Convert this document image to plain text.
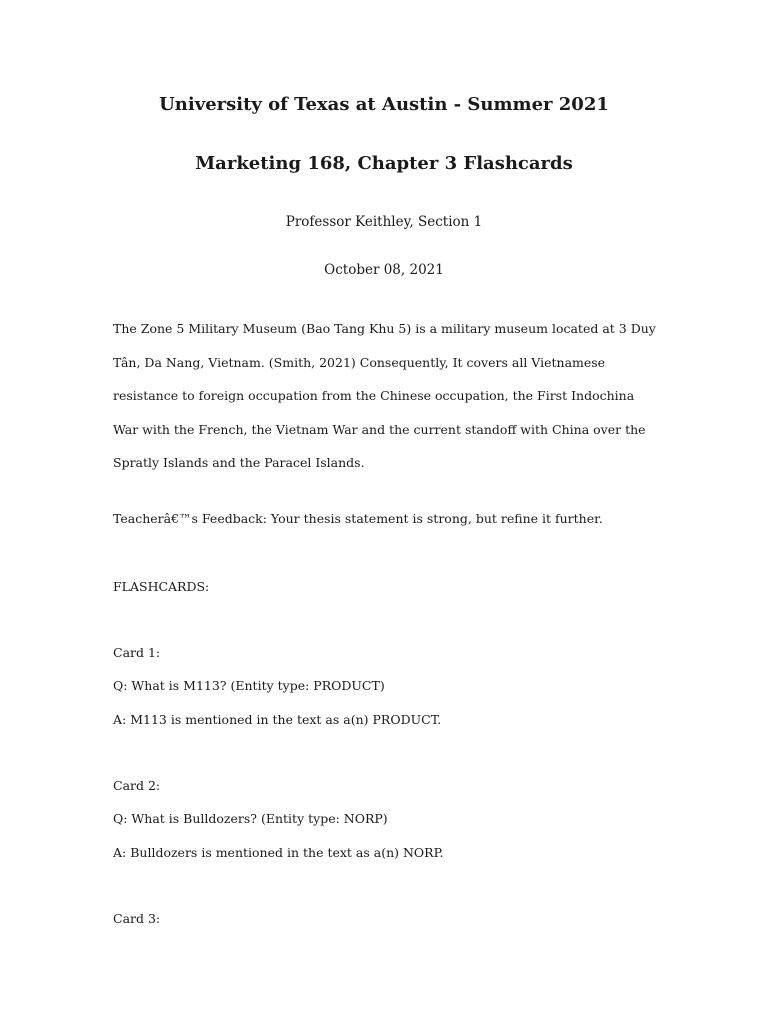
University of Texas at Austin - Summer 2021
Marketing 168, Chapter 3 Flashcards
Professor Keithley, Section 1
October 08, 2021
The Zone 5 Military Museum (Bao Tang Khu 5) is a military museum located at 3 Duy Tân, Da Nang, Vietnam. (Smith, 2021) Consequently, It covers all Vietnamese resistance to foreign occupation from the Chinese occupation, the First Indochina War with the French, the Vietnam War and the current standoff with China over the Spratly Islands and the Paracel Islands.
Teacherâ€™s Feedback: Your thesis statement is strong, but refine it further.
FLASHCARDS:
Card 1:
Q: What is M113? (Entity type: PRODUCT)
A: M113 is mentioned in the text as a(n) PRODUCT.
Card 2:
Q: What is Bulldozers? (Entity type: NORP)
A: Bulldozers is mentioned in the text as a(n) NORP.
Card 3:
